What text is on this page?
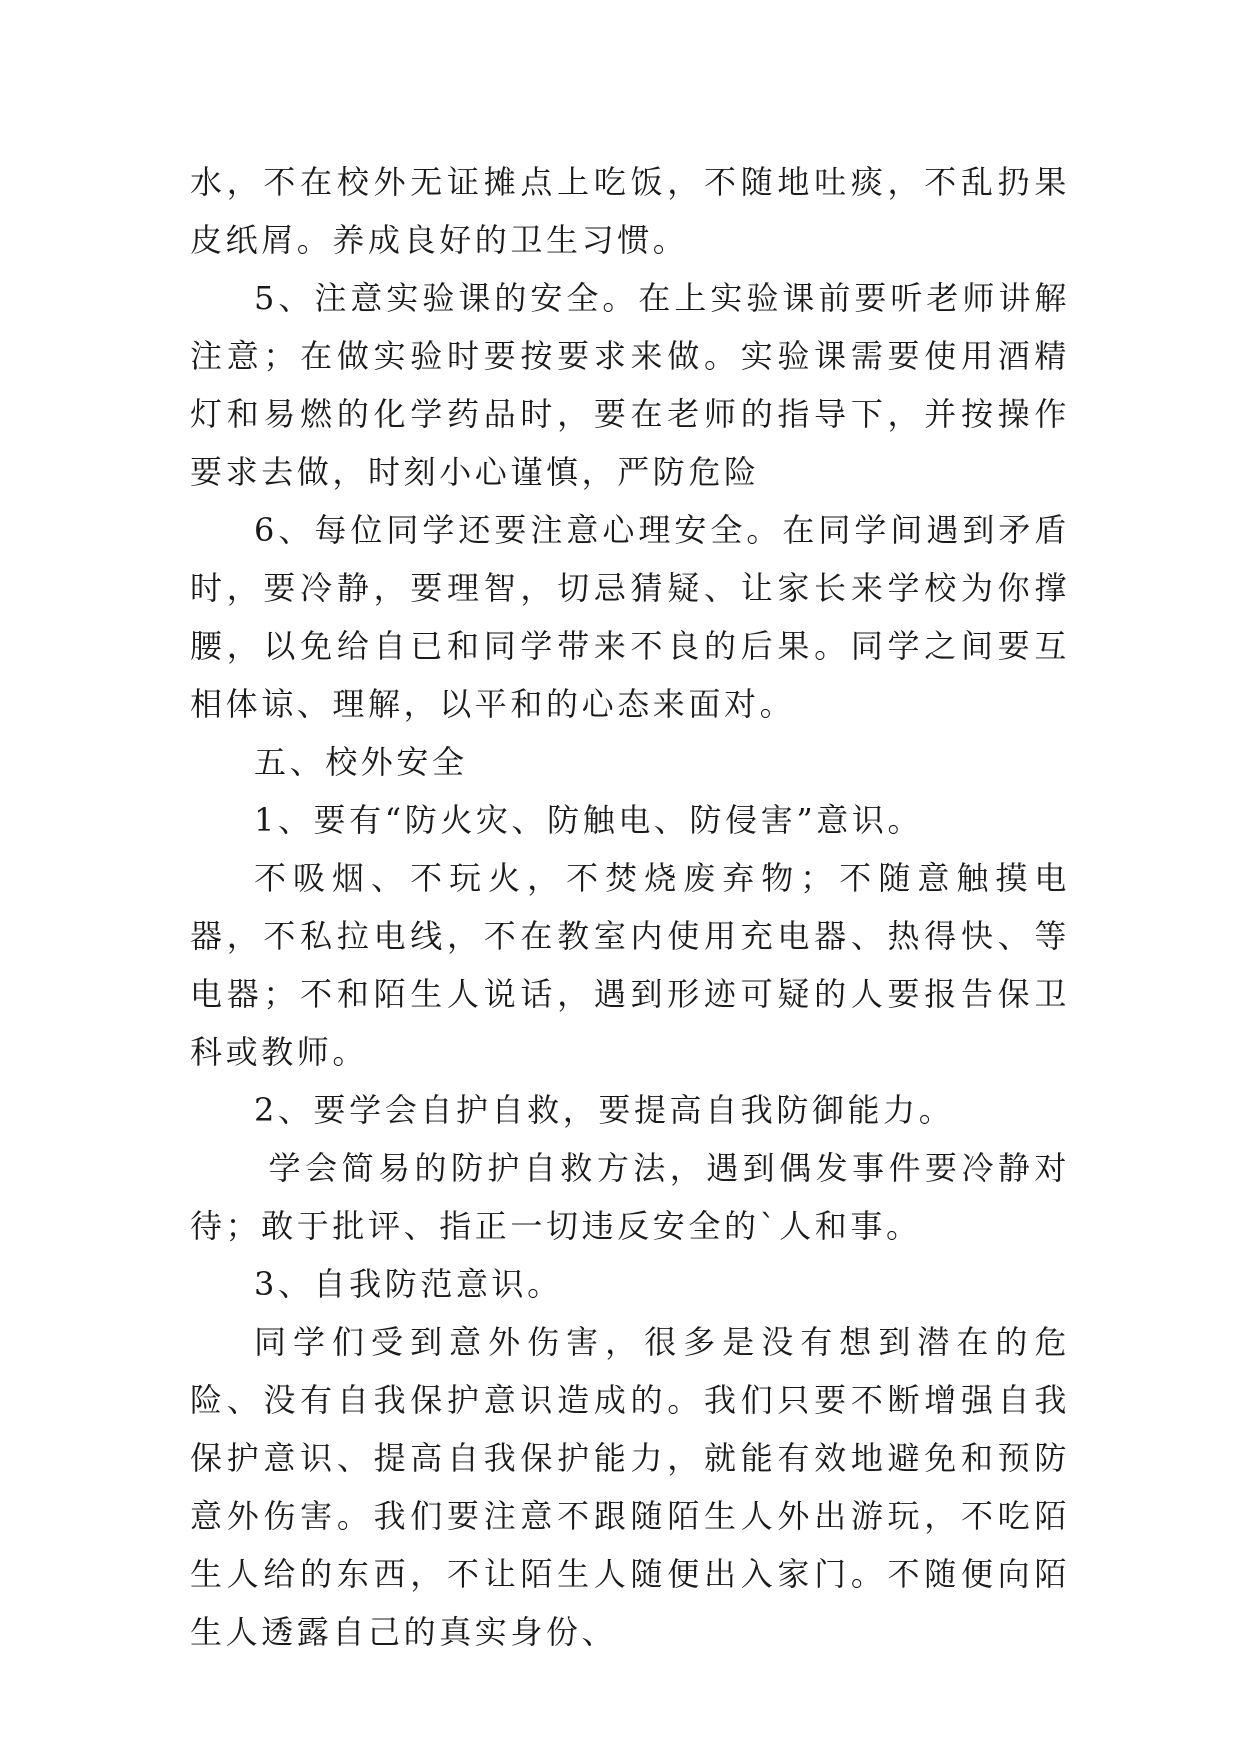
水，不在校外无证摊点上吃饭，不随地吐痰，不乱扔果皮纸屑。养成良好的卫生习惯。

5、注意实验课的安全。在上实验课前要听老师讲解注意；在做实验时要按要求来做。实验课需要使用酒精灯和易燃的化学药品时，要在老师的指导下，并按操作要求去做，时刻小心谨慎，严防危险

6、每位同学还要注意心理安全。在同学间遇到矛盾时，要冷静，要理智，切忌猜疑、让家长来学校为你撑腰，以免给自已和同学带来不良的后果。同学之间要互相体谅、理解，以平和的心态来面对。

五、校外安全

1、要有“防火灾、防触电、防侵害”意识。

不吸烟、不玩火，不焚烧废弃物；不随意触摸电器，不私拉电线，不在教室内使用充电器、热得快、等电器；不和陌生人说话，遇到形迹可疑的人要报告保卫科或教师。

2、要学会自护自救，要提高自我防御能力。

学会简易的防护自救方法，遇到偶发事件要冷静对待；敢于批评、指正一切违反安全的`人和事。

3、自我防范意识。

同学们受到意外伤害，很多是没有想到潜在的危险、没有自我保护意识造成的。我们只要不断增强自我保护意识、提高自我保护能力，就能有效地避免和预防意外伤害。我们要注意不跟随陌生人外出游玩，不吃陌生人给的东西，不让陌生人随便出入家门。不随便向陌生人透露自己的真实身份、
